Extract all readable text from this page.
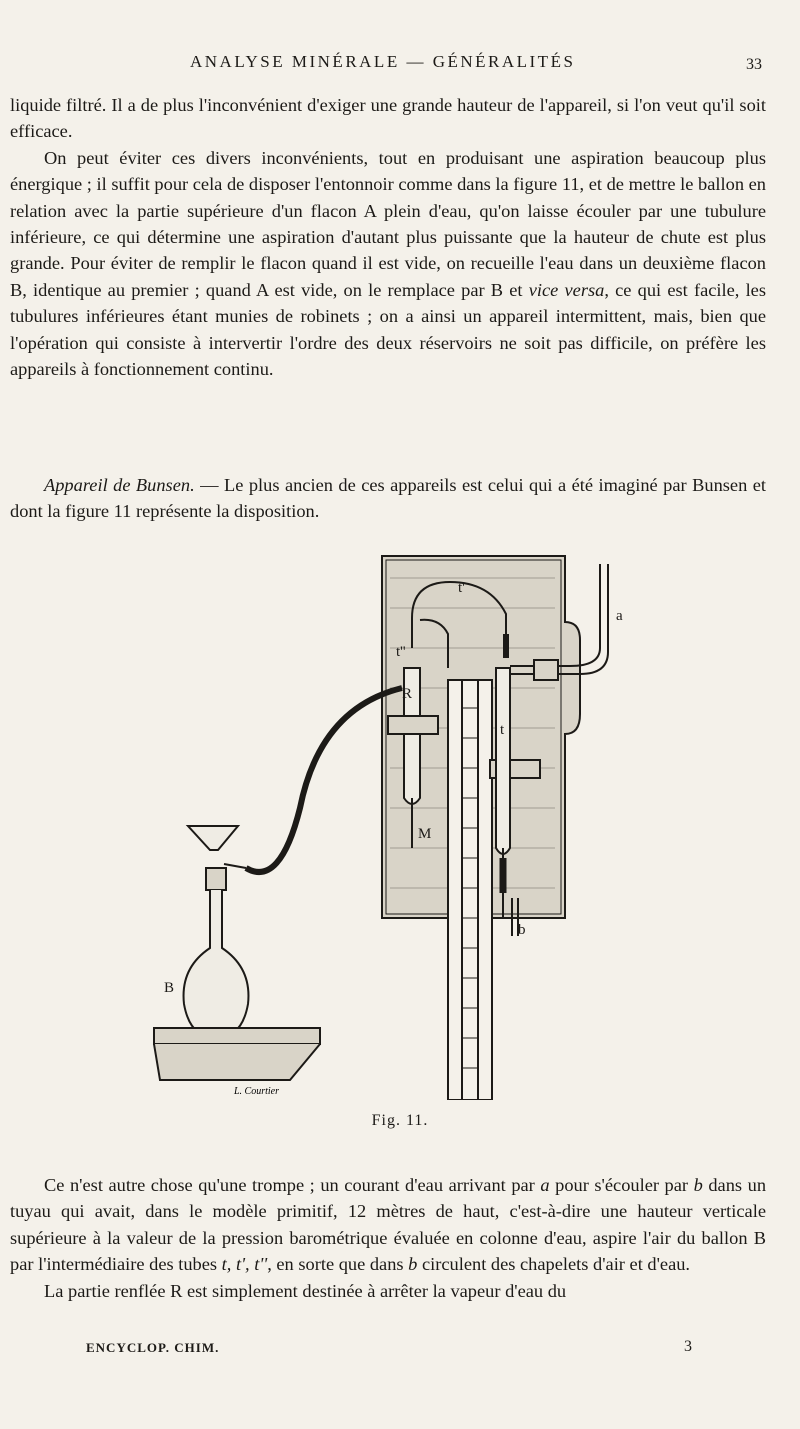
ANALYSE MINÉRALE — GÉNÉRALITÉS	33

liquide filtré. Il a de plus l'inconvénient d'exiger une grande hauteur de l'appareil, si l'on veut qu'il soit efficace.

On peut éviter ces divers inconvénients, tout en produisant une aspiration beaucoup plus énergique ; il suffit pour cela de disposer l'entonnoir comme dans la figure 11, et de mettre le ballon en relation avec la partie supérieure d'un flacon A plein d'eau, qu'on laisse écouler par une tubulure inférieure, ce qui détermine une aspiration d'autant plus puissante que la hauteur de chute est plus grande. Pour éviter de remplir le flacon quand il est vide, on recueille l'eau dans un deuxième flacon B, identique au premier ; quand A est vide, on le remplace par B et vice versa, ce qui est facile, les tubulures inférieures étant munies de robinets ; on a ainsi un appareil intermittent, mais, bien que l'opération qui consiste à intervertir l'ordre des deux réservoirs ne soit pas difficile, on préfère les appareils à fonctionnement continu.

Appareil de Bunsen. — Le plus ancien de ces appareils est celui qui a été imaginé par Bunsen et dont la figure 11 représente la disposition.

t'
a
t''
R
t
M
b
B
L. Courtier
Fig. 11.

Ce n'est autre chose qu'une trompe ; un courant d'eau arrivant par a pour s'écouler par b dans un tuyau qui avait, dans le modèle primitif, 12 mètres de haut, c'est-à-dire une hauteur verticale supérieure à la valeur de la pression barométrique évaluée en colonne d'eau, aspire l'air du ballon B par l'intermédiaire des tubes t, t', t'', en sorte que dans b circulent des chapelets d'air et d'eau.

La partie renflée R est simplement destinée à arrêter la vapeur d'eau du

ENCYCLOP. CHIM.	3
